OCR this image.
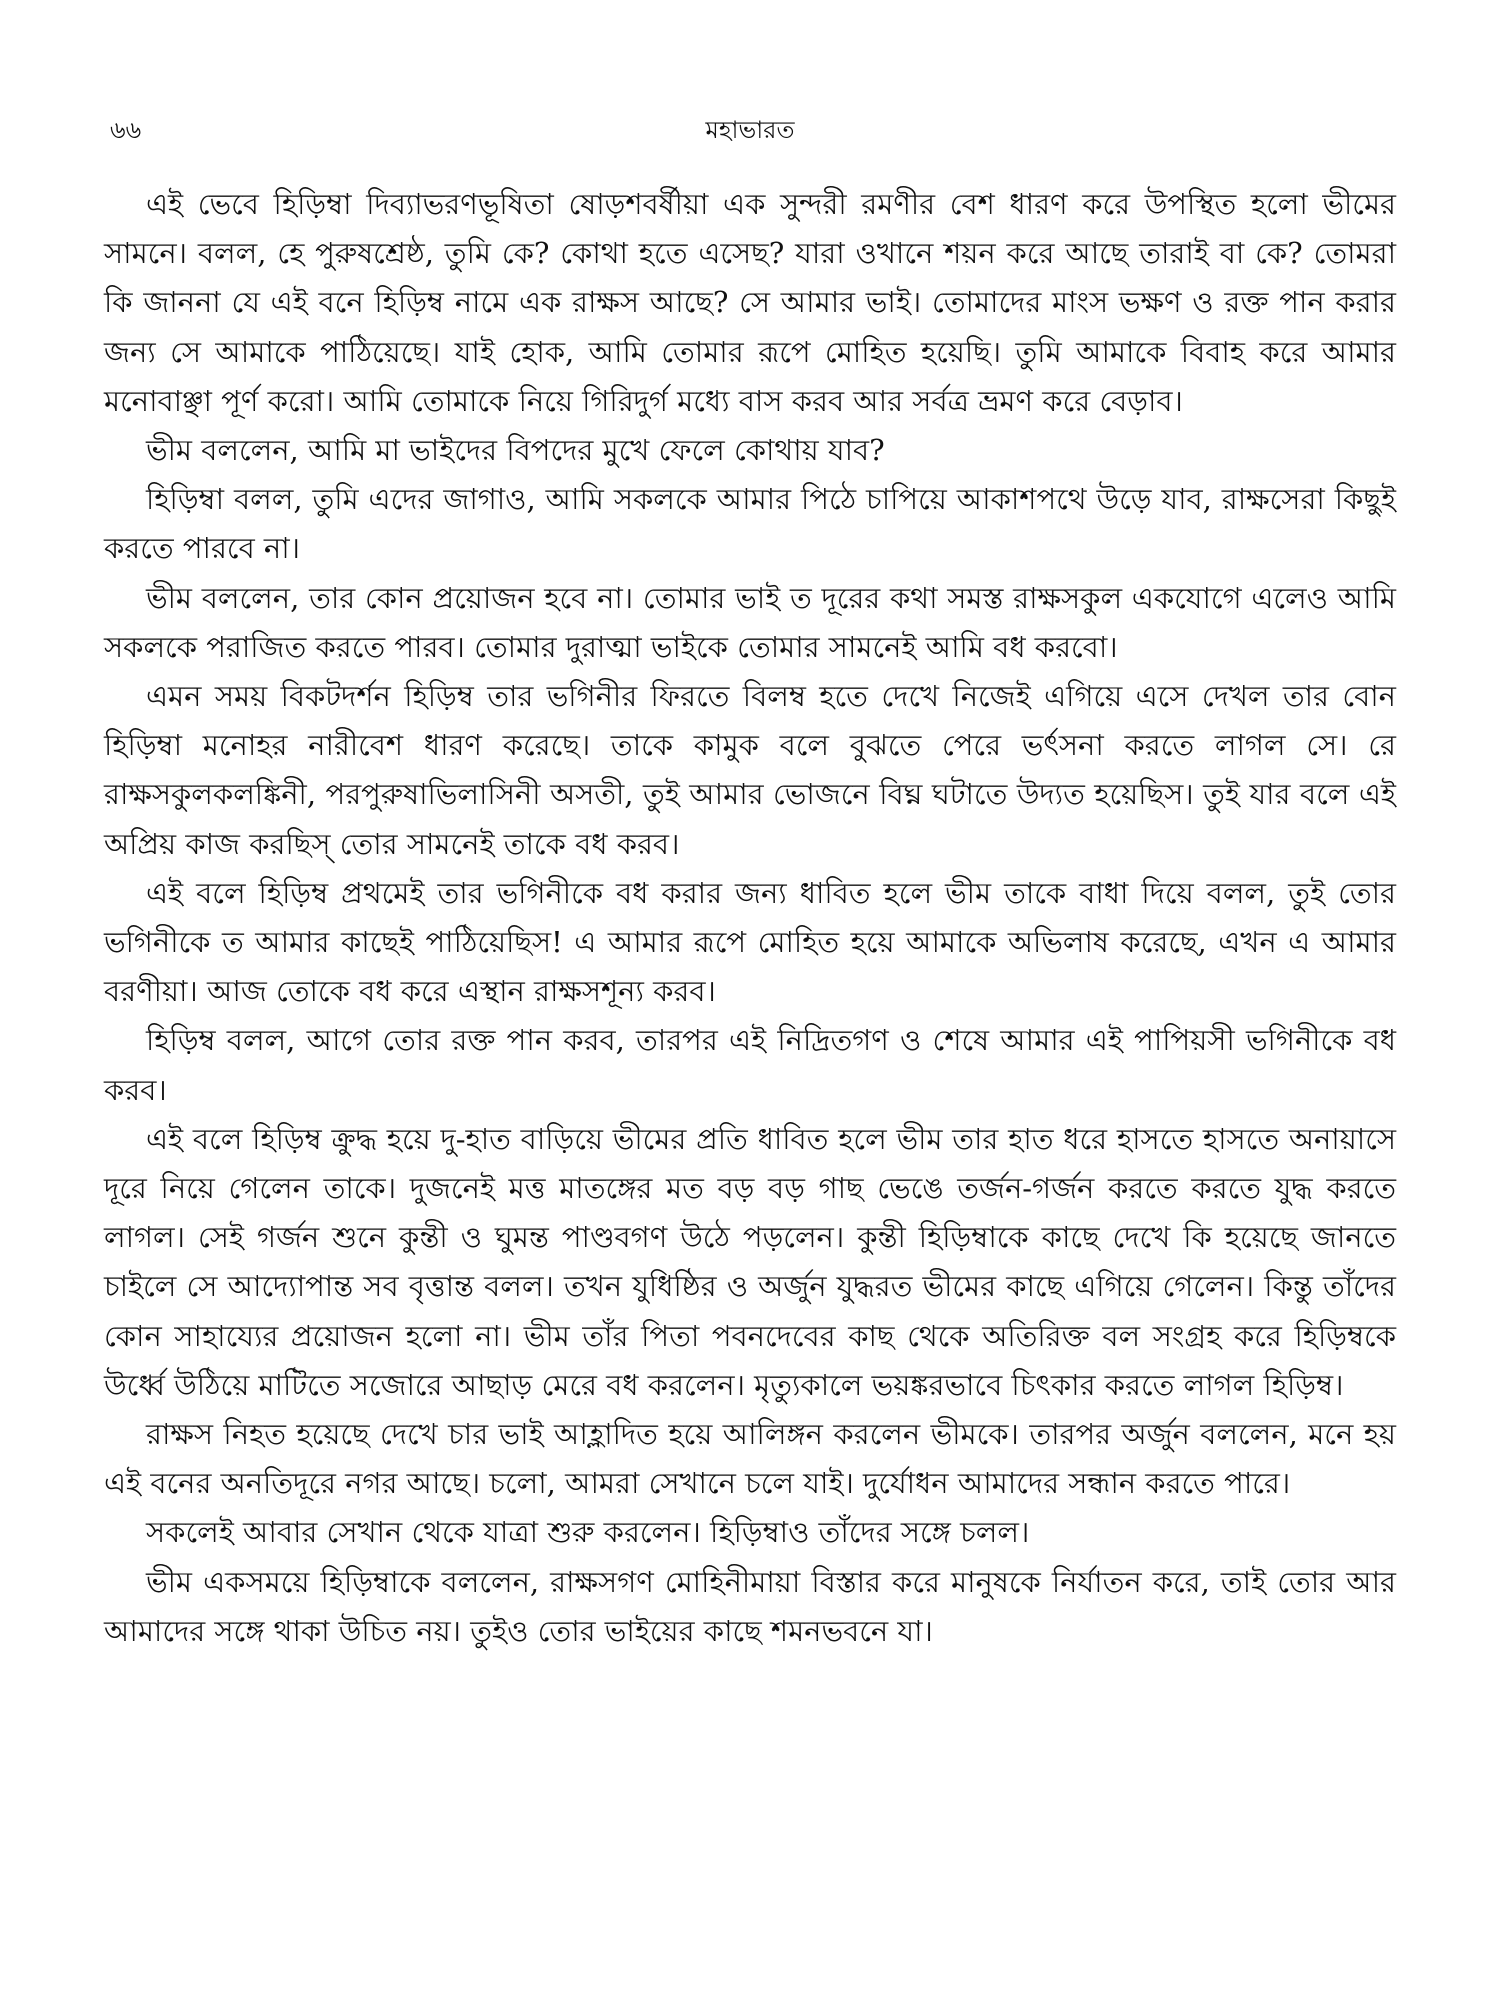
৬৬	মহাভারত

এই ভেবে হিড়িম্বা দিব্যাভরণভূষিতা ষোড়শবর্ষীয়া এক সুন্দরী রমণীর বেশ ধারণ করে উপস্থিত হলো ভীমের সামনে। বলল, হে পুরুষশ্রেষ্ঠ, তুমি কে? কোথা হতে এসেছ? যারা ওখানে শয়ন করে আছে তারাই বা কে? তোমরা কি জাননা যে এই বনে হিড়িম্ব নামে এক রাক্ষস আছে? সে আমার ভাই। তোমাদের মাংস ভক্ষণ ও রক্ত পান করার জন্য সে আমাকে পাঠিয়েছে। যাই হোক, আমি তোমার রূপে মোহিত হয়েছি। তুমি আমাকে বিবাহ করে আমার মনোবাঞ্ছা পূর্ণ করো। আমি তোমাকে নিয়ে গিরিদুর্গ মধ্যে বাস করব আর সর্বত্র ভ্রমণ করে বেড়াব।

ভীম বললেন, আমি মা ভাইদের বিপদের মুখে ফেলে কোথায় যাব?

হিড়িম্বা বলল, তুমি এদের জাগাও, আমি সকলকে আমার পিঠে চাপিয়ে আকাশপথে উড়ে যাব, রাক্ষসেরা কিছুই করতে পারবে না।

ভীম বললেন, তার কোন প্রয়োজন হবে না। তোমার ভাই ত দূরের কথা সমস্ত রাক্ষসকুল একযোগে এলেও আমি সকলকে পরাজিত করতে পারব। তোমার দুরাত্মা ভাইকে তোমার সামনেই আমি বধ করবো।

এমন সময় বিকটদর্শন হিড়িম্ব তার ভগিনীর ফিরতে বিলম্ব হতে দেখে নিজেই এগিয়ে এসে দেখল তার বোন হিড়িম্বা মনোহর নারীবেশ ধারণ করেছে। তাকে কামুক বলে বুঝতে পেরে ভর্ৎসনা করতে লাগল সে। রে রাক্ষসকুলকলঙ্কিনী, পরপুরুষাভিলাসিনী অসতী, তুই আমার ভোজনে বিঘ্ন ঘটাতে উদ্যত হয়েছিস। তুই যার বলে এই অপ্রিয় কাজ করছিস্ তোর সামনেই তাকে বধ করব।

এই বলে হিড়িম্ব প্রথমেই তার ভগিনীকে বধ করার জন্য ধাবিত হলে ভীম তাকে বাধা দিয়ে বলল, তুই তোর ভগিনীকে ত আমার কাছেই পাঠিয়েছিস! এ আমার রূপে মোহিত হয়ে আমাকে অভিলাষ করেছে, এখন এ আমার বরণীয়া। আজ তোকে বধ করে এস্থান রাক্ষসশূন্য করব।

হিড়িম্ব বলল, আগে তোর রক্ত পান করব, তারপর এই নিদ্রিতগণ ও শেষে আমার এই পাপিয়সী ভগিনীকে বধ করব।

এই বলে হিড়িম্ব ক্রুদ্ধ হয়ে দু-হাত বাড়িয়ে ভীমের প্রতি ধাবিত হলে ভীম তার হাত ধরে হাসতে হাসতে অনায়াসে দূরে নিয়ে গেলেন তাকে। দুজনেই মত্ত মাতঙ্গের মত বড় বড় গাছ ভেঙে তর্জন-গর্জন করতে করতে যুদ্ধ করতে লাগল। সেই গর্জন শুনে কুন্তী ও ঘুমন্ত পাণ্ডবগণ উঠে পড়লেন। কুন্তী হিড়িম্বাকে কাছে দেখে কি হয়েছে জানতে চাইলে সে আদ্যোপান্ত সব বৃত্তান্ত বলল। তখন যুধিষ্ঠির ও অর্জুন যুদ্ধরত ভীমের কাছে এগিয়ে গেলেন। কিন্তু তাঁদের কোন সাহায্যের প্রয়োজন হলো না। ভীম তাঁর পিতা পবনদেবের কাছ থেকে অতিরিক্ত বল সংগ্রহ করে হিড়িম্বকে উর্ধ্বে উঠিয়ে মাটিতে সজোরে আছাড় মেরে বধ করলেন। মৃত্যুকালে ভয়ঙ্করভাবে চিৎকার করতে লাগল হিড়িম্ব।

রাক্ষস নিহত হয়েছে দেখে চার ভাই আহ্লাদিত হয়ে আলিঙ্গন করলেন ভীমকে। তারপর অর্জুন বললেন, মনে হয় এই বনের অনতিদূরে নগর আছে। চলো, আমরা সেখানে চলে যাই। দুর্যোধন আমাদের সন্ধান করতে পারে।

সকলেই আবার সেখান থেকে যাত্রা শুরু করলেন। হিড়িম্বাও তাঁদের সঙ্গে চলল।

ভীম একসময়ে হিড়িম্বাকে বললেন, রাক্ষসগণ মোহিনীমায়া বিস্তার করে মানুষকে নির্যাতন করে, তাই তোর আর আমাদের সঙ্গে থাকা উচিত নয়। তুইও তোর ভাইয়ের কাছে শমনভবনে যা।
